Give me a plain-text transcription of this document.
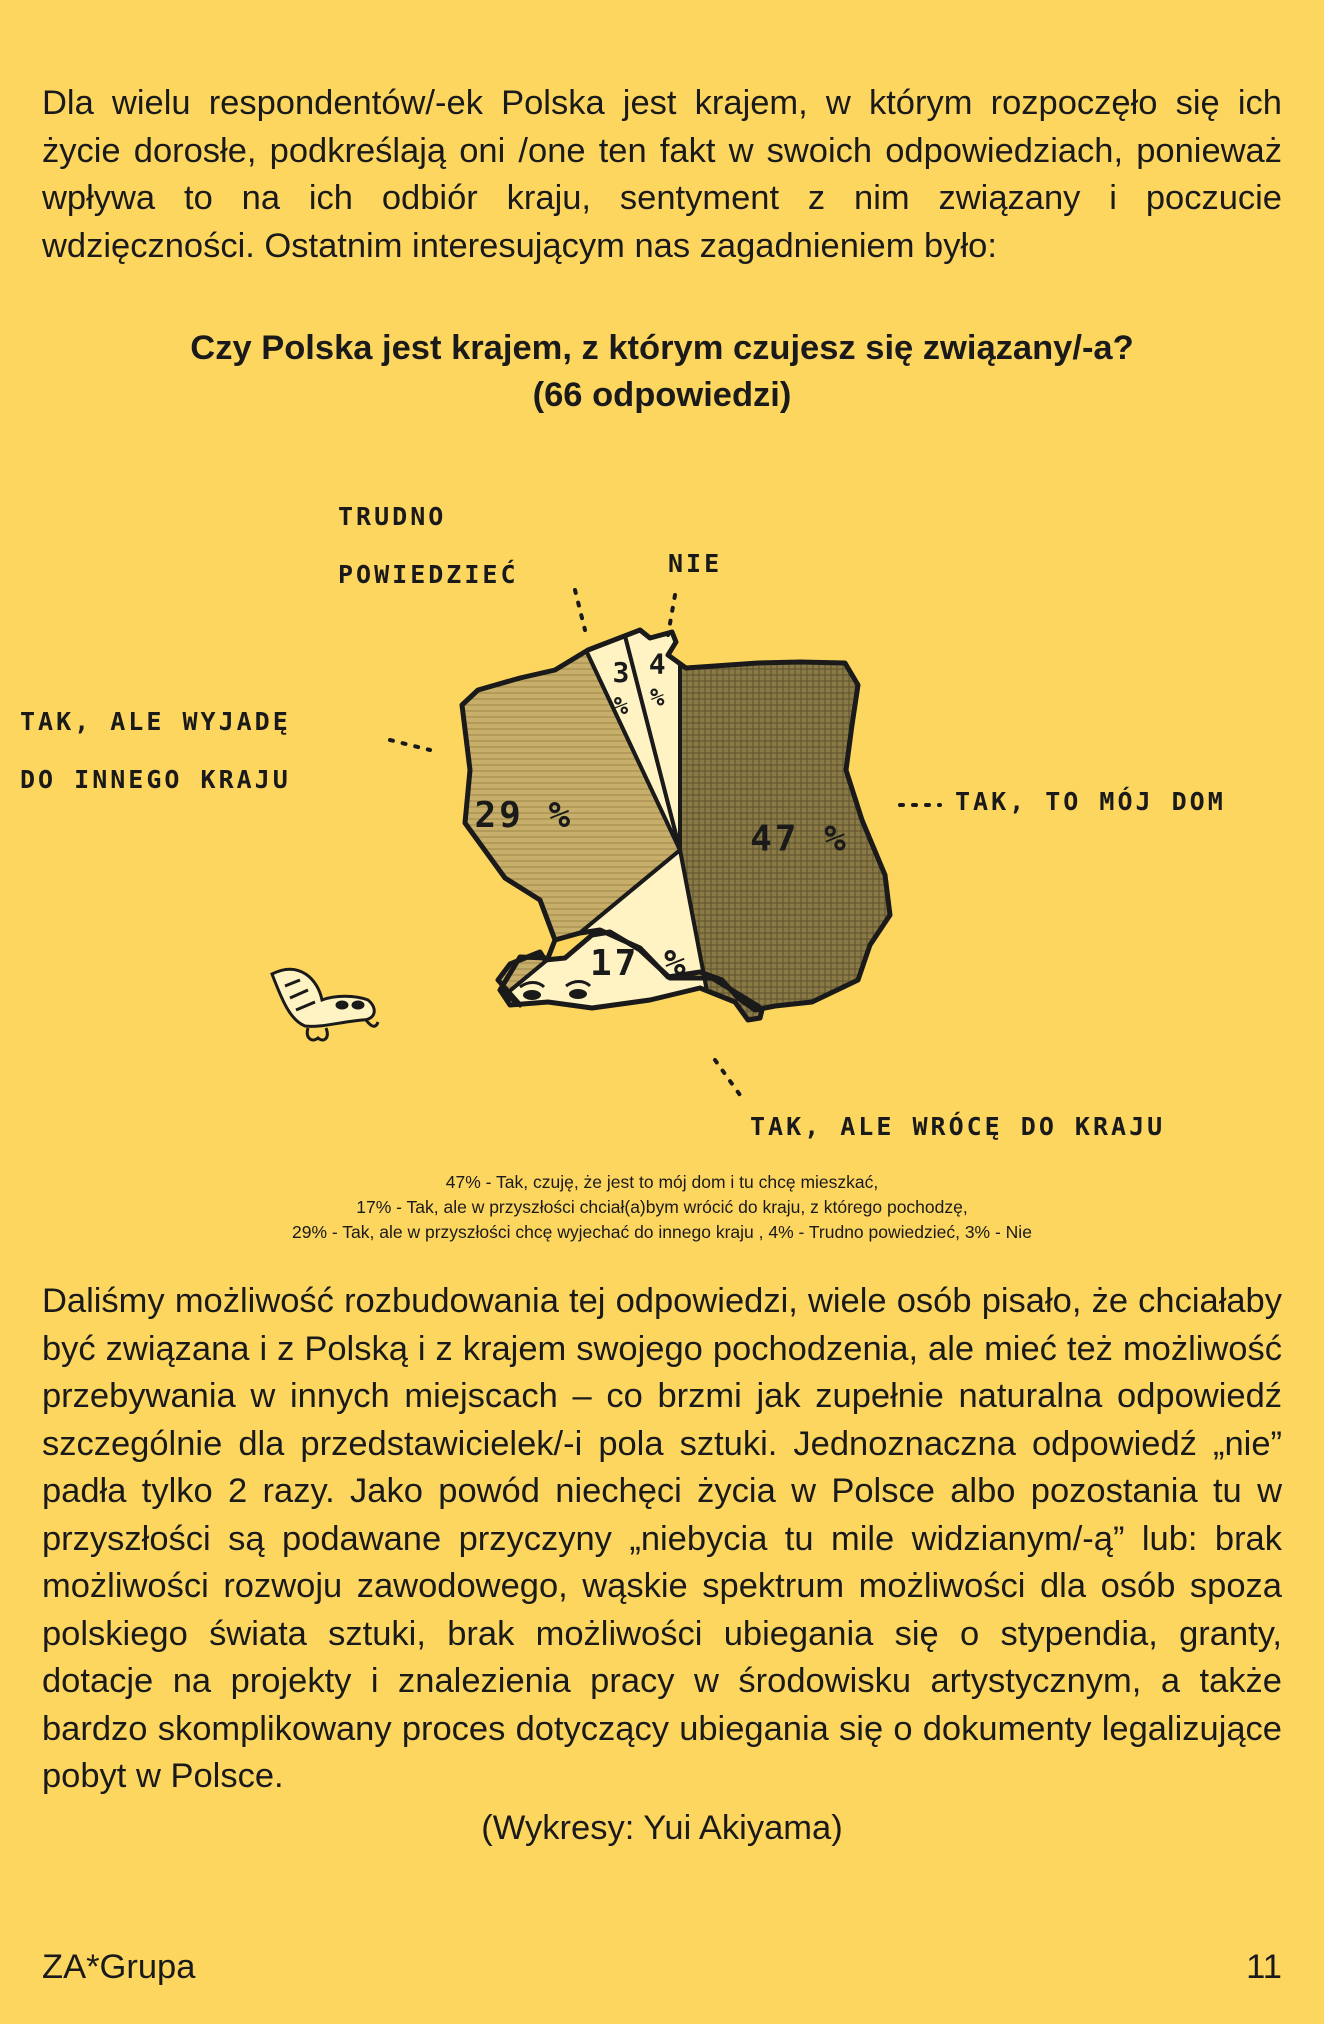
Dla wielu respondentów/-ek Polska jest krajem, w którym rozpoczęło się ich życie dorosłe, podkreślają oni /one ten fakt w swoich odpowiedziach, ponieważ wpływa to na ich odbiór kraju, sentyment z nim związany i poczucie wdzięczności. Ostatnim interesującym nas zagadnieniem było:

Czy Polska jest krajem, z którym czujesz się związany/-a?
(66 odpowiedzi)
47 %
17 %
29 %
3 %
4 %
TAK, TO MÓJ DOM
TAK, ALE WRÓCĘ DO KRAJU
TAK, ALE WYJADĘ
DO INNEGO KRAJU
TRUDNO
POWIEDZIEĆ	NIE
47% - Tak, czuję, że jest to mój dom i tu chcę mieszkać,
17% - Tak, ale w przyszłości chciał(a)bym wrócić do kraju, z którego pochodzę,
29% - Tak, ale w przyszłości chcę wyjechać do innego kraju , 4% - Trudno powiedzieć, 3% - Nie

Daliśmy możliwość rozbudowania tej odpowiedzi, wiele osób pisało, że chciałaby być związana i z Polską i z krajem swojego pochodzenia, ale mieć też możliwość przebywania w innych miejscach – co brzmi jak zupełnie naturalna odpowiedź szczególnie dla przedstawicielek/-i pola sztuki. Jednoznaczna odpowiedź „nie” padła tylko 2 razy. Jako powód niechęci życia w Polsce albo pozostania tu w przyszłości są podawane przyczyny „niebycia tu mile widzianym/-ą” lub: brak możliwości rozwoju zawodowego, wąskie spektrum możliwości dla osób spoza polskiego świata sztuki, brak możliwości ubiegania się o stypendia, granty, dotacje na projekty i znalezienia pracy w środowisku artystycznym, a także bardzo skomplikowany proces dotyczący ubiegania się o dokumenty legalizujące pobyt w Polsce.

(Wykresy: Yui Akiyama)
ZA*Grupa	11
